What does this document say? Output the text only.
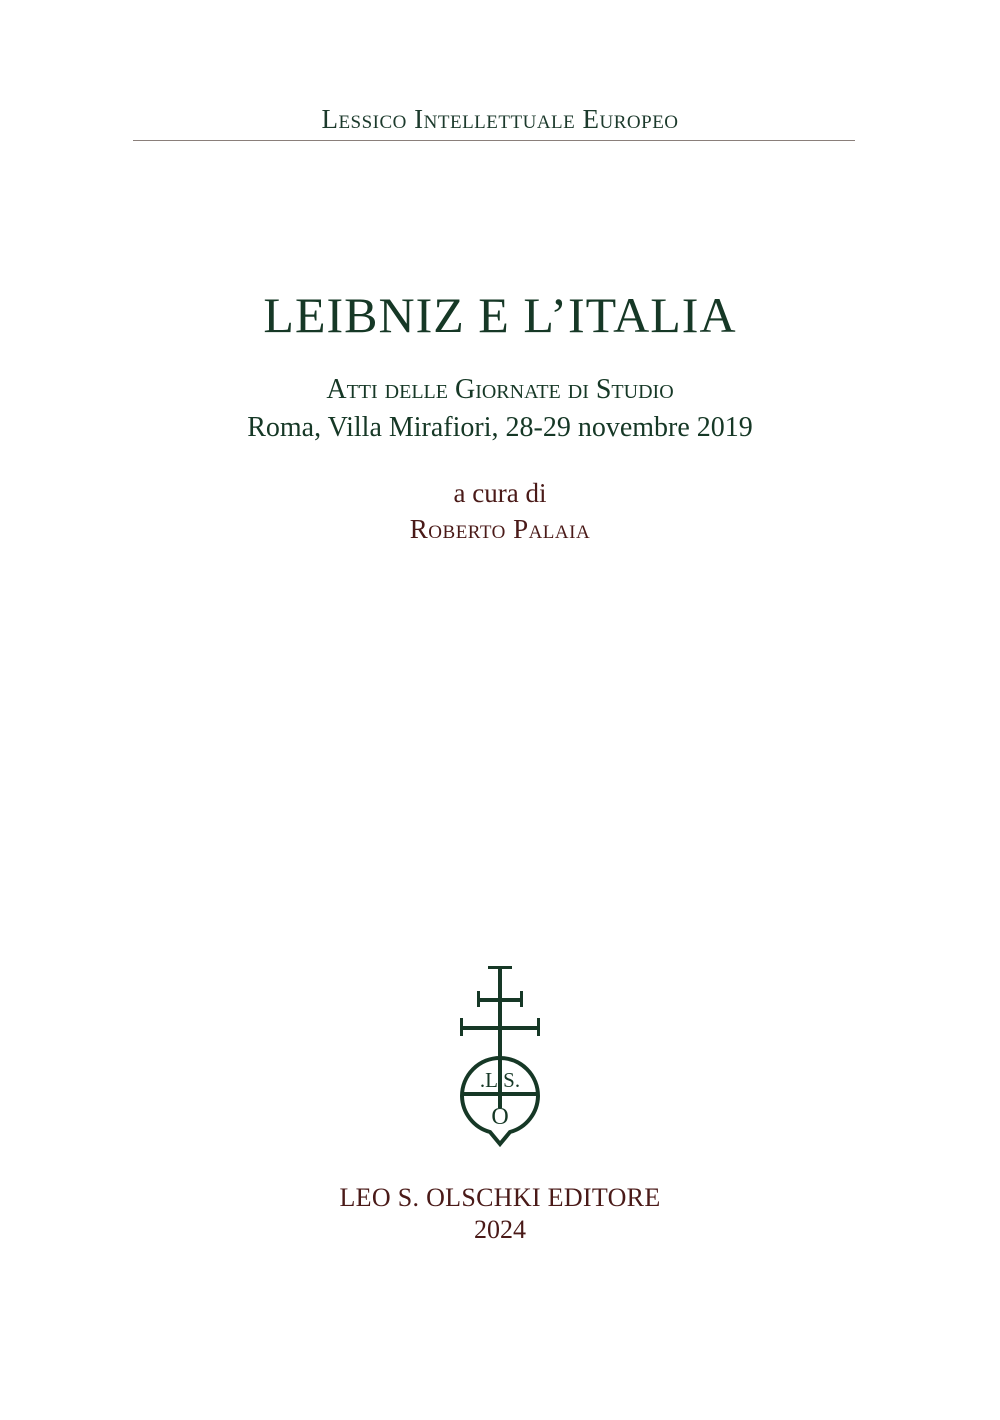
Lessico Intellettuale Europeo
LEIBNIZ E L’ITALIA
Atti delle Giornate di Studio
Roma, Villa Mirafiori, 28-29 novembre 2019
a cura di
Roberto Palaia
.L.S.
O
LEO S. OLSCHKI EDITORE
2024
